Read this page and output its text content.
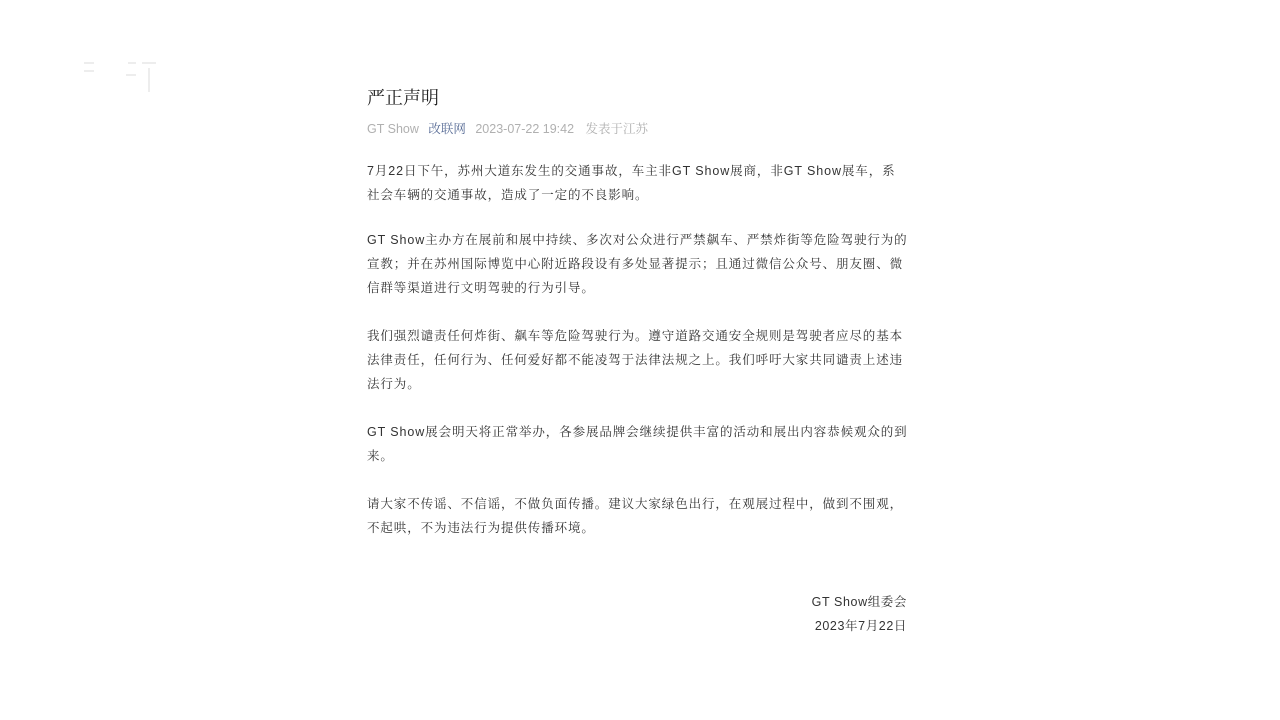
严正声明
GT Show 改联网 2023-07-22 19:42 发表于江苏
7月22日下午，苏州大道东发生的交通事故，车主非GT Show展商，非GT Show展车，系
社会车辆的交通事故，造成了一定的不良影响。
GT Show主办方在展前和展中持续、多次对公众进行严禁飙车、严禁炸街等危险驾驶行为的
宣教；并在苏州国际博览中心附近路段设有多处显著提示；且通过微信公众号、朋友圈、微
信群等渠道进行文明驾驶的行为引导。
我们强烈谴责任何炸街、飙车等危险驾驶行为。遵守道路交通安全规则是驾驶者应尽的基本
法律责任，任何行为、任何爱好都不能凌驾于法律法规之上。我们呼吁大家共同谴责上述违
法行为。
GT Show展会明天将正常举办，各参展品牌会继续提供丰富的活动和展出内容恭候观众的到
来。
请大家不传谣、不信谣，不做负面传播。建议大家绿色出行，在观展过程中，做到不围观，
不起哄，不为违法行为提供传播环境。
GT Show组委会
2023年7月22日
